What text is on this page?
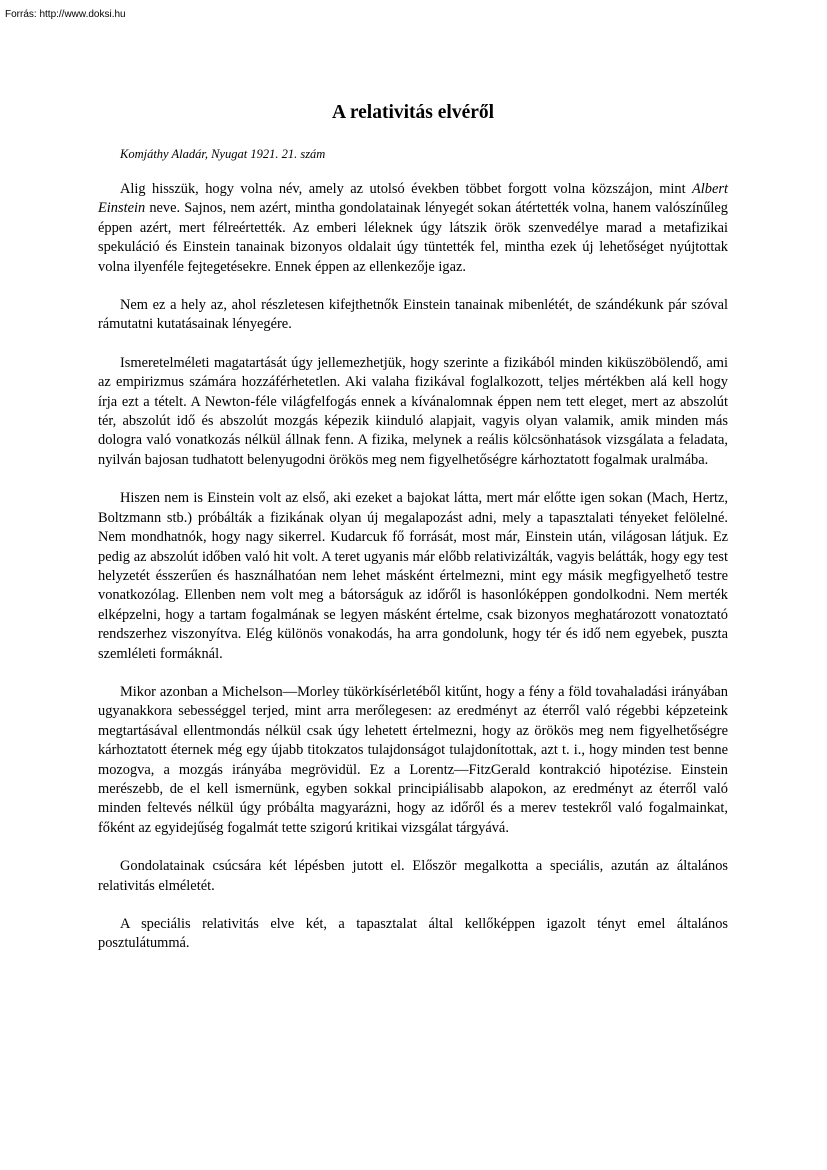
Forrás: http://www.doksi.hu
A relativitás elvéről
Komjáthy Aladár, Nyugat 1921. 21. szám

Alig hisszük, hogy volna név, amely az utolsó években többet forgott volna közszájon, mint Albert Einstein neve. Sajnos, nem azért, mintha gondolatainak lényegét sokan átértették volna, hanem valószínűleg éppen azért, mert félreértették. Az emberi léleknek úgy látszik örök szenvedélye marad a metafizikai spekuláció és Einstein tanainak bizonyos oldalait úgy tüntették fel, mintha ezek új lehetőséget nyújtottak volna ilyenféle fejtegetésekre. Ennek éppen az ellenkezője igaz.

Nem ez a hely az, ahol részletesen kifejthetnők Einstein tanainak mibenlétét, de szándékunk pár szóval rámutatni kutatásainak lényegére.

Ismeretelméleti magatartását úgy jellemezhetjük, hogy szerinte a fizikából minden kiküszöbölendő, ami az empirizmus számára hozzáférhetetlen. Aki valaha fizikával foglalkozott, teljes mértékben alá kell hogy írja ezt a tételt. A Newton-féle világfelfogás ennek a kívánalomnak éppen nem tett eleget, mert az abszolút tér, abszolút idő és abszolút mozgás képezik kiinduló alapjait, vagyis olyan valamik, amik minden más dologra való vonatkozás nélkül állnak fenn. A fizika, melynek a reális kölcsönhatások vizsgálata a feladata, nyilván bajosan tudhatott belenyugodni örökös meg nem figyelhetőségre kárhoztatott fogalmak uralmába.

Hiszen nem is Einstein volt az első, aki ezeket a bajokat látta, mert már előtte igen sokan (Mach, Hertz, Boltzmann stb.) próbálták a fizikának olyan új megalapozást adni, mely a tapasztalati tényeket felölelné. Nem mondhatnók, hogy nagy sikerrel. Kudarcuk fő forrását, most már, Einstein után, világosan látjuk. Ez pedig az abszolút időben való hit volt. A teret ugyanis már előbb relativizálták, vagyis belátták, hogy egy test helyzetét ésszerűen és használhatóan nem lehet másként értelmezni, mint egy másik megfigyelhető testre vonatkozólag. Ellenben nem volt meg a bátorságuk az időről is hasonlóképpen gondolkodni. Nem merték elképzelni, hogy a tartam fogalmának se legyen másként értelme, csak bizonyos meghatározott vonatoztató rendszerhez viszonyítva. Elég különös vonakodás, ha arra gondolunk, hogy tér és idő nem egyebek, puszta szemléleti formáknál.

Mikor azonban a Michelson—Morley tükörkísérletéből kitűnt, hogy a fény a föld tovahaladási irányában ugyanakkora sebességgel terjed, mint arra merőlegesen: az eredményt az éterről való régebbi képzeteink megtartásával ellentmondás nélkül csak úgy lehetett értelmezni, hogy az örökös meg nem figyelhetőségre kárhoztatott éternek még egy újabb titokzatos tulajdonságot tulajdonítottak, azt t. i., hogy minden test benne mozogva, a mozgás irányába megrövidül. Ez a Lorentz—FitzGerald kontrakció hipotézise. Einstein merészebb, de el kell ismernünk, egyben sokkal principiálisabb alapokon, az eredményt az éterről való minden feltevés nélkül úgy próbálta magyarázni, hogy az időről és a merev testekről való fogalmainkat, főként az egyidejűség fogalmát tette szigorú kritikai vizsgálat tárgyává.

Gondolatainak csúcsára két lépésben jutott el. Először megalkotta a speciális, azután az általános relativitás elméletét.

A speciális relativitás elve két, a tapasztalat által kellőképpen igazolt tényt emel általános posztulátummá.
